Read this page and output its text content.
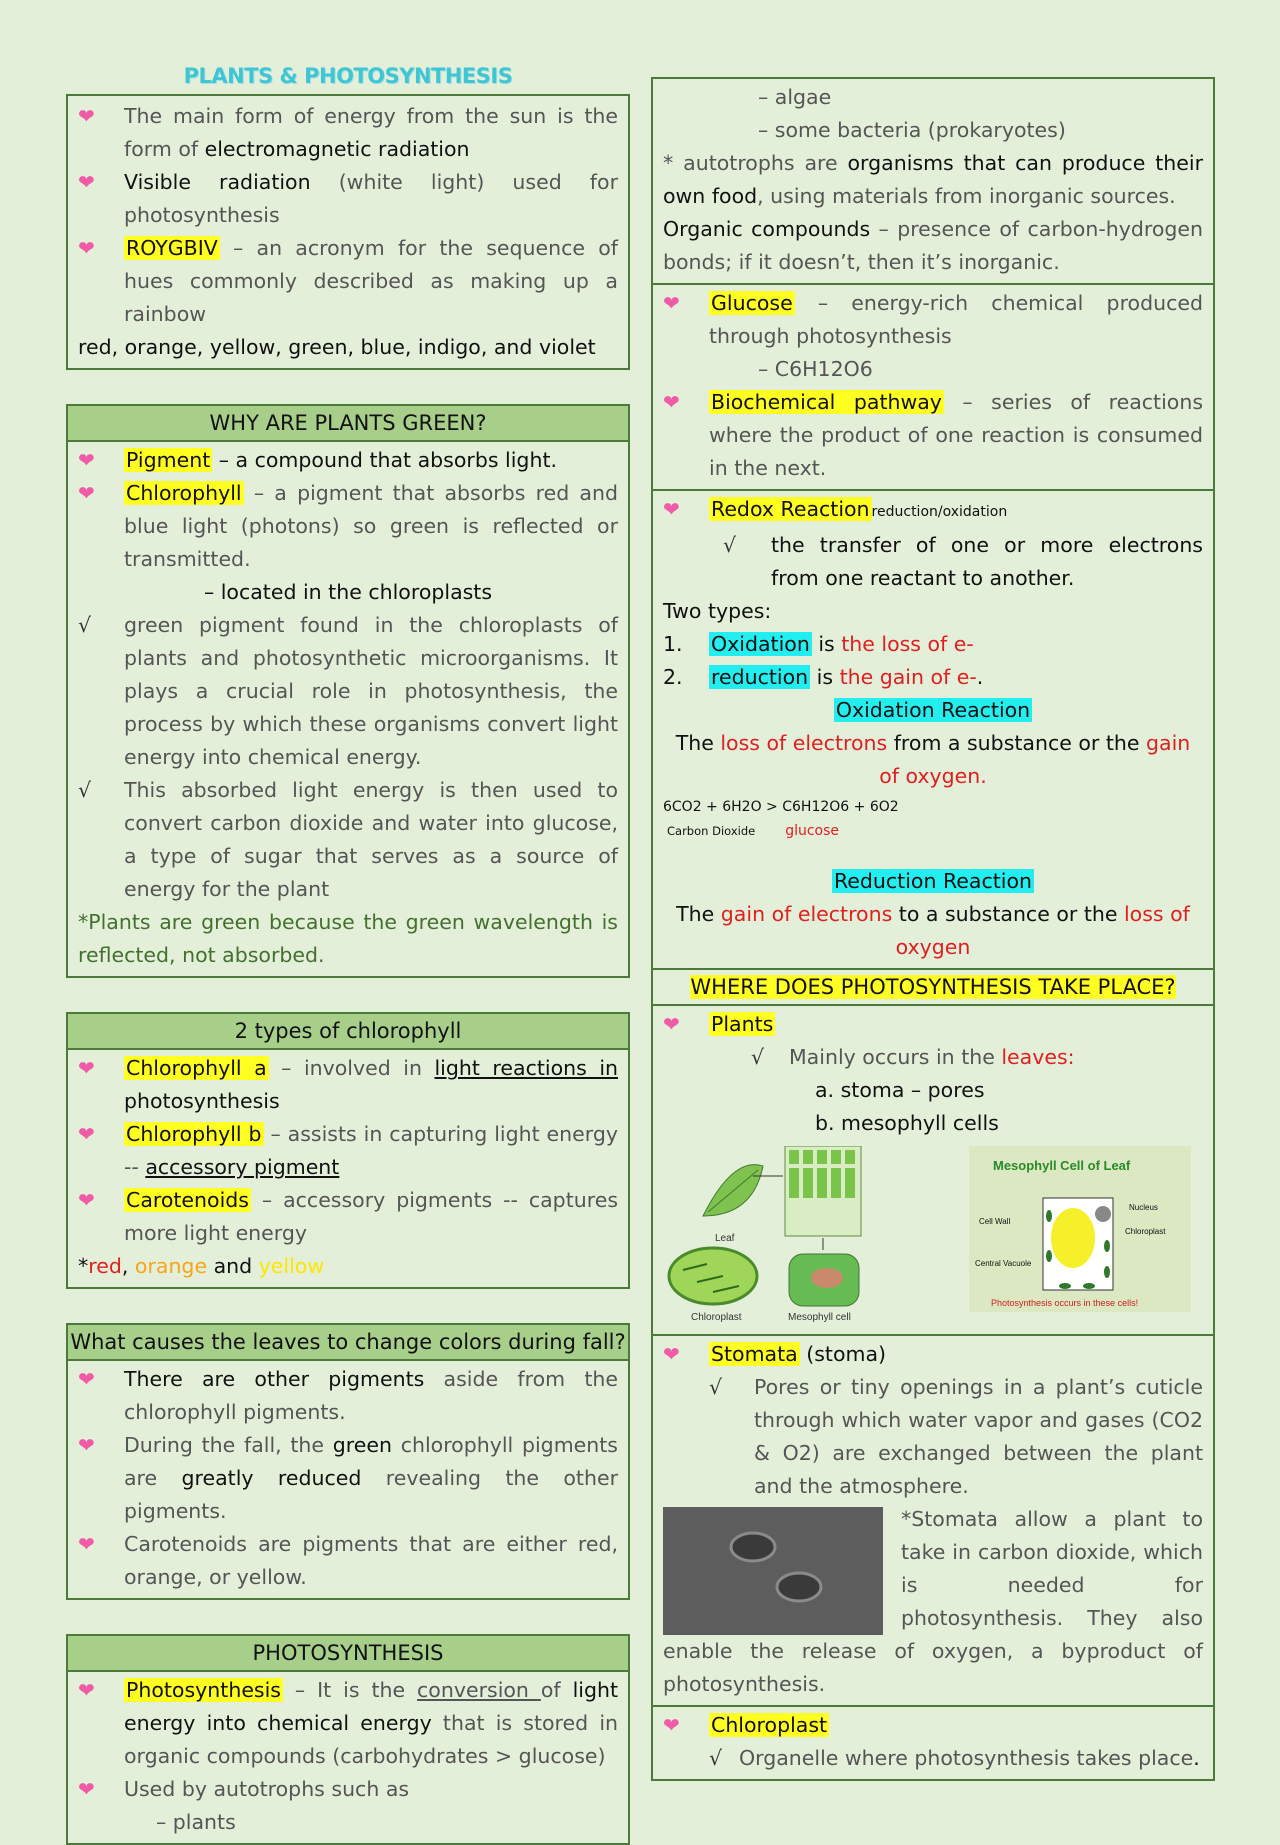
PLANTS & PHOTOSYNTHESIS
❤	The main form of energy from the sun is the form of electromagnetic radiation
❤	Visible radiation (white light) used for photosynthesis
❤	ROYGBIV – an acronym for the sequence of hues commonly described as making up a rainbow
red, orange, yellow, green, blue, indigo, and violet
WHY ARE PLANTS GREEN?
❤	Pigment – a compound that absorbs light.
❤	Chlorophyll – a pigment that absorbs red and blue light (photons) so green is reflected or transmitted.
– located in the chloroplasts
√ green pigment found in the chloroplasts of plants and photosynthetic microorganisms. It plays a crucial role in photosynthesis, the process by which these organisms convert light energy into chemical energy.
√ This absorbed light energy is then used to convert carbon dioxide and water into glucose, a type of sugar that serves as a source of energy for the plant
*Plants are green because the green wavelength is reflected, not absorbed.
2 types of chlorophyll
❤	Chlorophyll a – involved in light reactions in photosynthesis
❤	Chlorophyll b – assists in capturing light energy -- accessory pigment
❤	Carotenoids – accessory pigments -- captures more light energy
*red, orange and yellow
What causes the leaves to change colors during fall?
❤	There are other pigments aside from the chlorophyll pigments.
❤	During the fall, the green chlorophyll pigments are greatly reduced revealing the other pigments.
❤	Carotenoids are pigments that are either red, orange, or yellow.
PHOTOSYNTHESIS
❤	Photosynthesis – It is the conversion of light energy into chemical energy that is stored in organic compounds (carbohydrates > glucose)
❤	Used by autotrophs such as
– plants
– algae
– some bacteria (prokaryotes)
* autotrophs are organisms that can produce their own food, using materials from inorganic sources.
Organic compounds – presence of carbon-hydrogen bonds; if it doesn’t, then it’s inorganic.
❤	Glucose – energy-rich chemical produced through photosynthesis
– C6H12O6
❤	Biochemical pathway – series of reactions where the product of one reaction is consumed in the next.
❤	Redox Reaction reduction/oxidation
√ the transfer of one or more electrons from one reactant to another.
Two types:
1. Oxidation is the loss of e-
2. reduction is the gain of e-.
Oxidation Reaction
The loss of electrons from a substance or the gain of oxygen.
6CO2 + 6H2O > C6H12O6 + 6O2
Carbon Dioxide glucose
Reduction Reaction
The gain of electrons to a substance or the loss of oxygen
WHERE DOES PHOTOSYNTHESIS TAKE PLACE?
❤	Plants
√ Mainly occurs in the leaves:
a. stoma – pores
b. mesophyll cells
Leaf
Chloroplast	Mesophyll cell
Mesophyll Cell of Leaf
Nucleus
Chloroplast
Cell Wall
Central Vacuole
Photosynthesis occurs in these cells!
❤	Stomata (stoma)
√ Pores or tiny openings in a plant’s cuticle through which water vapor and gases (CO2 & O2) are exchanged between the plant and the atmosphere.
*Stomata allow a plant to take in carbon dioxide, which is needed for photosynthesis. They also enable the release of oxygen, a byproduct of photosynthesis.
❤	Chloroplast
√ Organelle where photosynthesis takes place.
